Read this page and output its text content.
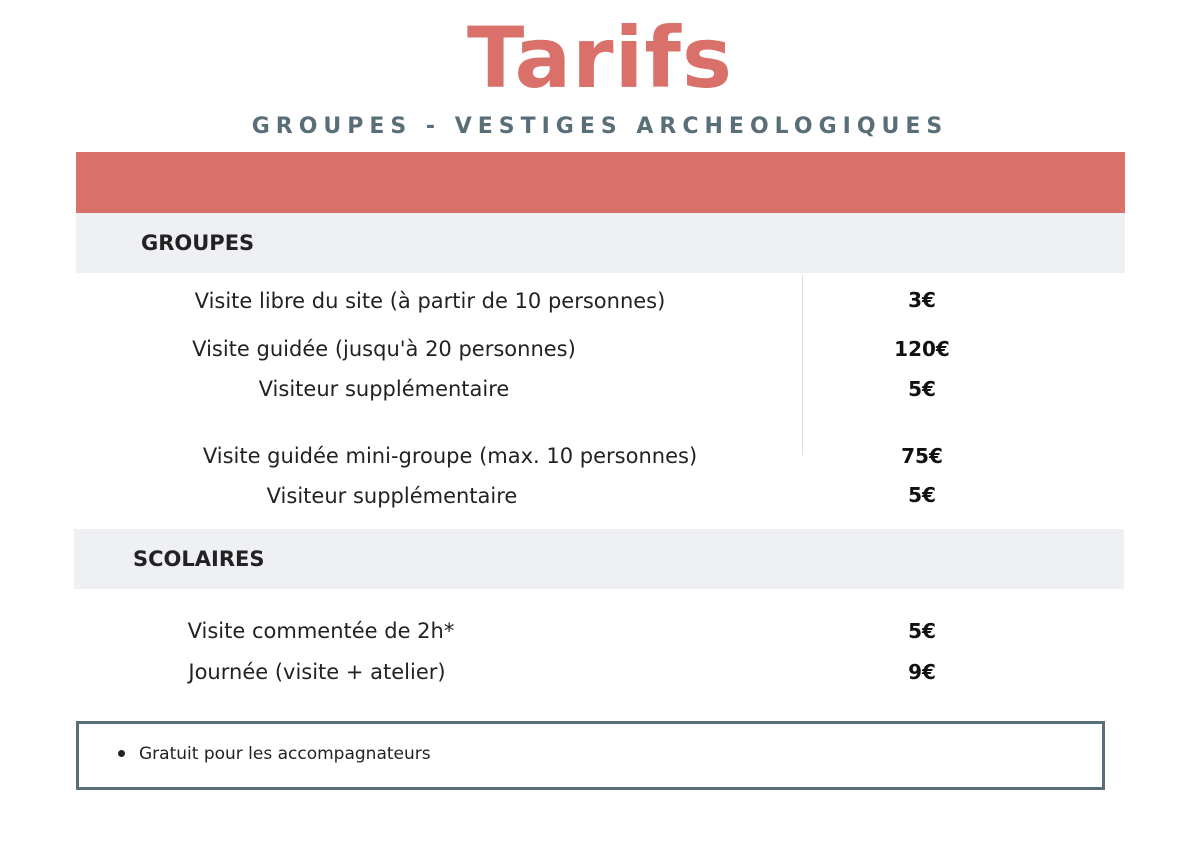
Tarifs
GROUPES - VESTIGES ARCHEOLOGIQUES
GROUPES
Visite libre du site (à partir de 10 personnes)	3€
Visite guidée (jusqu'à 20 personnes)	120€
Visiteur supplémentaire	5€
Visite guidée mini-groupe (max. 10 personnes)	75€
Visiteur supplémentaire	5€
SCOLAIRES
Visite commentée de 2h*	5€
Journée (visite + atelier)	9€
Gratuit pour les accompagnateurs
